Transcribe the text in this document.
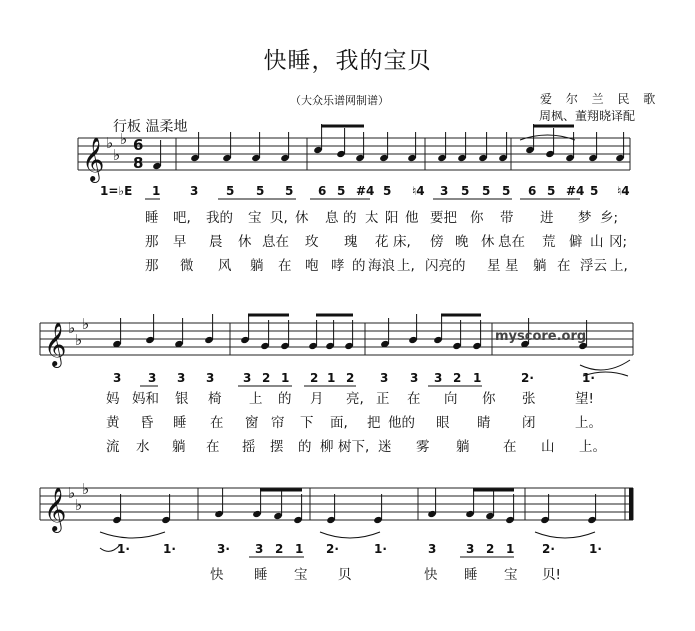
快睡，我的宝贝
（大众乐谱网制谱）	爱 尔 兰 民 歌
周枫、董翔晓译配
行板 温柔地
𝄞 ♭
♭
♭
𝄞 ♭
♭
♭
𝄞 ♭
♭
♭
6
8
1=♭E 1 3 5 5 5 6 5 #4 5 ♮4 3 5 5 5 6 5 #4 5 ♮4
3 3 3 3 3 2 1 2 1 2 3 3 3 2 1	2·	1·
1·	1·	3· 3 2 1 2·	1·	3 3 2 1 2·	1·
睡 吧, 我的 宝 贝, 休 息 的 太 阳 他 要把 你 带 进 梦 乡;
那 早 晨 休 息在 玫 瑰 花 床, 傍 晚 休 息在 荒 僻 山 冈;
那 微 风 躺 在 咆 哮 的 海浪 上, 闪亮的 星 星 躺 在 浮云 上,
妈 妈和 银 椅 上 的 月 亮, 正 在 向 你 张	望!
黄 昏 睡 在 窗 帘 下 面, 把 他的 眼 睛 闭	上。
流 水 躺 在 摇 摆 的 柳 树下, 迷 雾 躺 在 山 上。
快 睡 宝 贝	快 睡 宝 贝!
myscore.org
